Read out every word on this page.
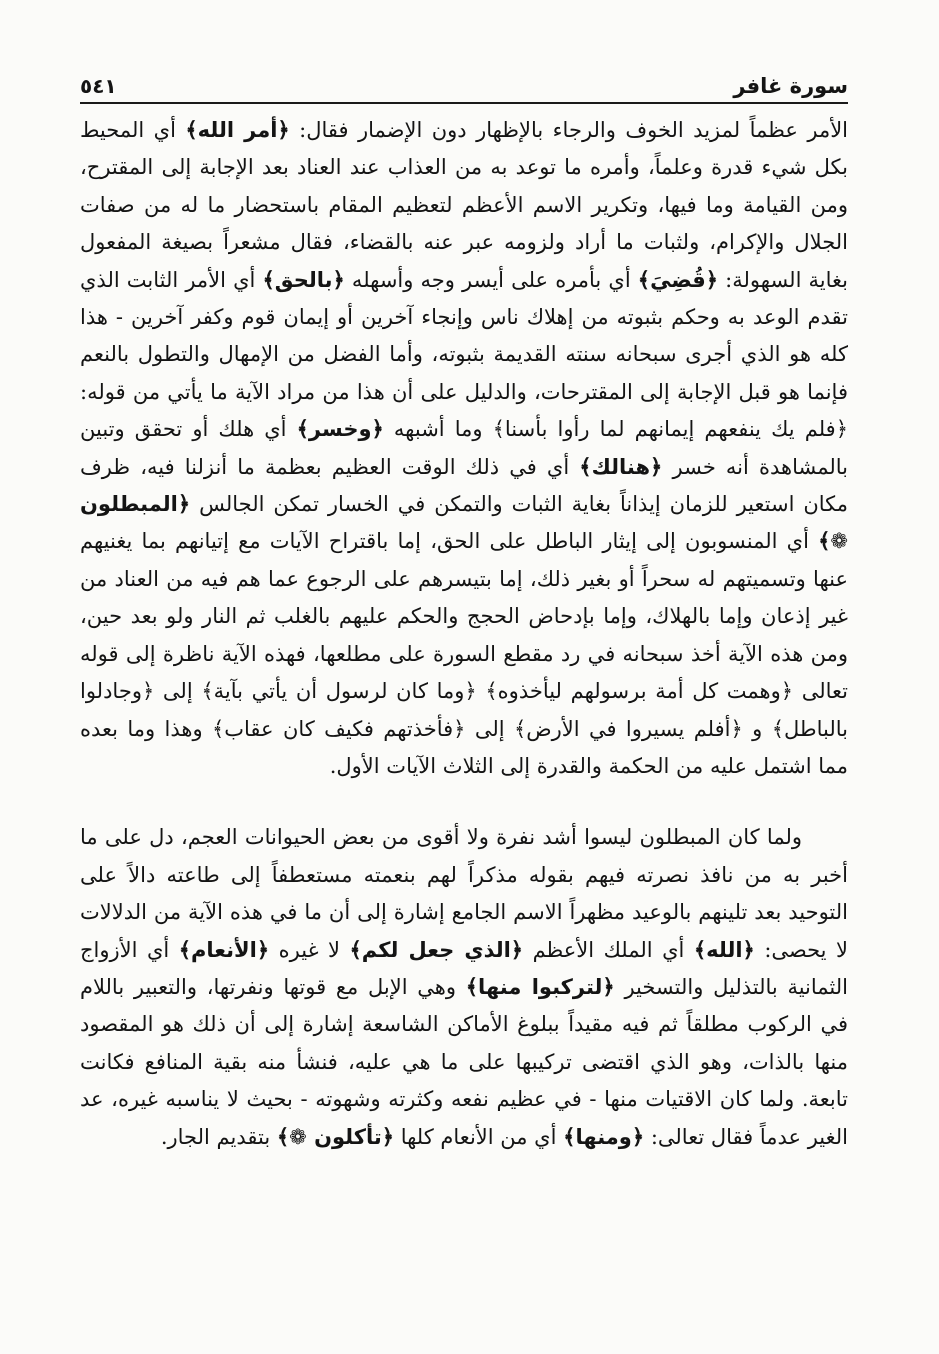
٥٤١	سورة غافر

الأمر عظماً لمزيد الخوف والرجاء بالإظهار دون الإضمار فقال: ﴿أمر الله﴾ أي المحيط بكل شيء قدرة وعلماً، وأمره ما توعد به من العذاب عند العناد بعد الإجابة إلى المقترح، ومن القيامة وما فيها، وتكرير الاسم الأعظم لتعظيم المقام باستحضار ما له من صفات الجلال والإكرام، ولثبات ما أراد ولزومه عبر عنه بالقضاء، فقال مشعراً بصيغة المفعول بغاية السهولة: ﴿قُضِيَ﴾ أي بأمره على أيسر وجه وأسهله ﴿بالحق﴾ أي الأمر الثابت الذي تقدم الوعد به وحكم بثبوته من إهلاك ناس وإنجاء آخرين أو إيمان قوم وكفر آخرين - هذا كله هو الذي أجرى سبحانه سنته القديمة بثبوته، وأما الفضل من الإمهال والتطول بالنعم فإنما هو قبل الإجابة إلى المقترحات، والدليل على أن هذا من مراد الآية ما يأتي من قوله: ﴿فلم يك ينفعهم إيمانهم لما رأوا بأسنا﴾ وما أشبهه ﴿وخسر﴾ أي هلك أو تحقق وتبين بالمشاهدة أنه خسر ﴿هنالك﴾ أي في ذلك الوقت العظيم بعظمة ما أنزلنا فيه، ظرف مكان استعير للزمان إيذاناً بغاية الثبات والتمكن في الخسار تمكن الجالس ﴿المبطلون ❁﴾ أي المنسوبون إلى إيثار الباطل على الحق، إما باقتراح الآيات مع إتيانهم بما يغنيهم عنها وتسميتهم له سحراً أو بغير ذلك، إما بتيسرهم على الرجوع عما هم فيه من العناد من غير إذعان وإما بالهلاك، وإما بإدحاض الحجج والحكم عليهم بالغلب ثم النار ولو بعد حين، ومن هذه الآية أخذ سبحانه في رد مقطع السورة على مطلعها، فهذه الآية ناظرة إلى قوله تعالى ﴿وهمت كل أمة برسولهم ليأخذوه﴾ ﴿وما كان لرسول أن يأتي بآية﴾ إلى ﴿وجادلوا بالباطل﴾ و ﴿أفلم يسيروا في الأرض﴾ إلى ﴿فأخذتهم فكيف كان عقاب﴾ وهذا وما بعده مما اشتمل عليه من الحكمة والقدرة إلى الثلاث الآيات الأول.

ولما كان المبطلون ليسوا أشد نفرة ولا أقوى من بعض الحيوانات العجم، دل على ما أخبر به من نافذ نصرته فيهم بقوله مذكراً لهم بنعمته مستعطفاً إلى طاعته دالاً على التوحيد بعد تلينهم بالوعيد مظهراً الاسم الجامع إشارة إلى أن ما في هذه الآية من الدلالات لا يحصى: ﴿الله﴾ أي الملك الأعظم ﴿الذي جعل لكم﴾ لا غيره ﴿الأنعام﴾ أي الأزواج الثمانية بالتذليل والتسخير ﴿لتركبوا منها﴾ وهي الإبل مع قوتها ونفرتها، والتعبير باللام في الركوب مطلقاً ثم فيه مقيداً ببلوغ الأماكن الشاسعة إشارة إلى أن ذلك هو المقصود منها بالذات، وهو الذي اقتضى تركيبها على ما هي عليه، فنشأ منه بقية المنافع فكانت تابعة. ولما كان الاقتيات منها - في عظيم نفعه وكثرته وشهوته - بحيث لا يناسبه غيره، عد الغير عدماً فقال تعالى: ﴿ومنها﴾ أي من الأنعام كلها ﴿تأكلون ❁﴾ بتقديم الجار.
